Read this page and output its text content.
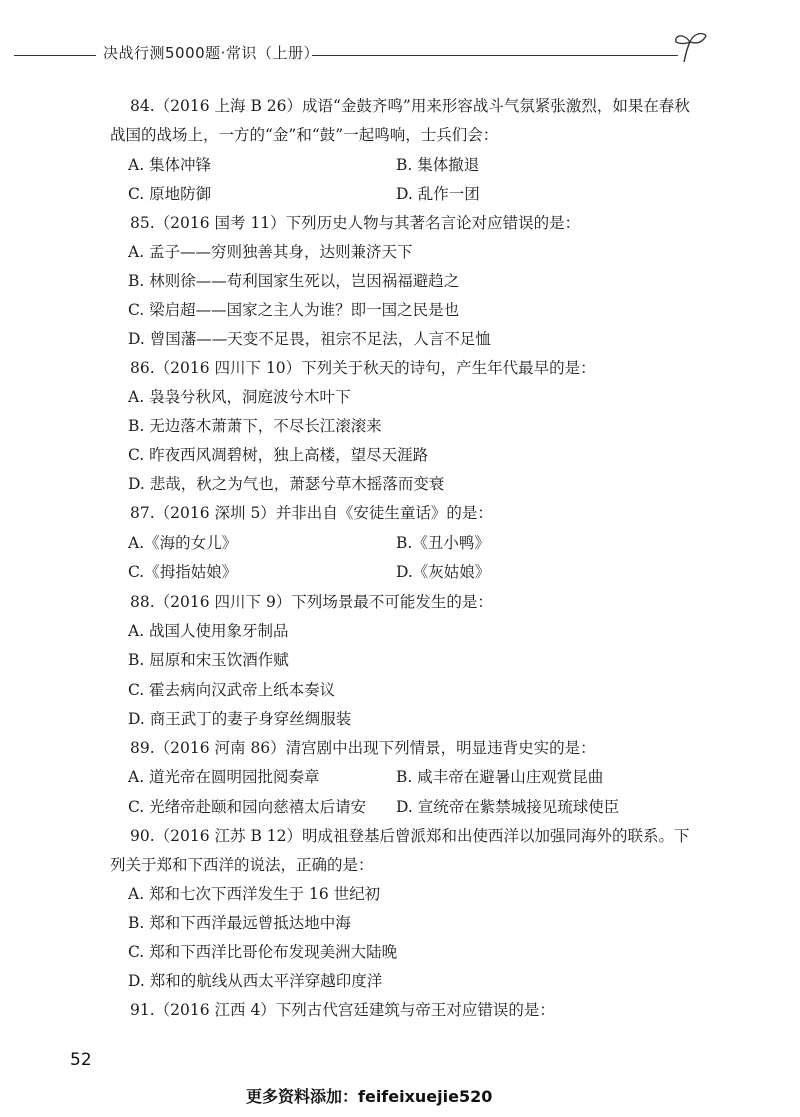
决战行测5000题·常识（上册）
84.（2016 上海 B 26）成语“金鼓齐鸣”用来形容战斗气氛紧张激烈，如果在春秋
战国的战场上，一方的“金”和“鼓”一起鸣响，士兵们会：
A. 集体冲锋	B. 集体撤退
C. 原地防御	D. 乱作一团
85.（2016 国考 11）下列历史人物与其著名言论对应错误的是：
A. 孟子——穷则独善其身，达则兼济天下
B. 林则徐——苟利国家生死以，岂因祸福避趋之
C. 梁启超——国家之主人为谁？即一国之民是也
D. 曾国藩——天变不足畏，祖宗不足法，人言不足恤
86.（2016 四川下 10）下列关于秋天的诗句，产生年代最早的是：
A. 袅袅兮秋风，洞庭波兮木叶下
B. 无边落木萧萧下，不尽长江滚滚来
C. 昨夜西风凋碧树，独上高楼，望尽天涯路
D. 悲哉，秋之为气也，萧瑟兮草木摇落而变衰
87.（2016 深圳 5）并非出自《安徒生童话》的是：
A.《海的女儿》	B.《丑小鸭》
C.《拇指姑娘》	D.《灰姑娘》
88.（2016 四川下 9）下列场景最不可能发生的是：
A. 战国人使用象牙制品
B. 屈原和宋玉饮酒作赋
C. 霍去病向汉武帝上纸本奏议
D. 商王武丁的妻子身穿丝绸服装
89.（2016 河南 86）清宫剧中出现下列情景，明显违背史实的是：
A. 道光帝在圆明园批阅奏章	B. 咸丰帝在避暑山庄观赏昆曲
C. 光绪帝赴颐和园向慈禧太后请安 D. 宣统帝在紫禁城接见琉球使臣
90.（2016 江苏 B 12）明成祖登基后曾派郑和出使西洋以加强同海外的联系。下
列关于郑和下西洋的说法，正确的是：
A. 郑和七次下西洋发生于 16 世纪初
B. 郑和下西洋最远曾抵达地中海
C. 郑和下西洋比哥伦布发现美洲大陆晚
D. 郑和的航线从西太平洋穿越印度洋
91.（2016 江西 4）下列古代宫廷建筑与帝王对应错误的是：
52
更多资料添加：feifeixuejie520
